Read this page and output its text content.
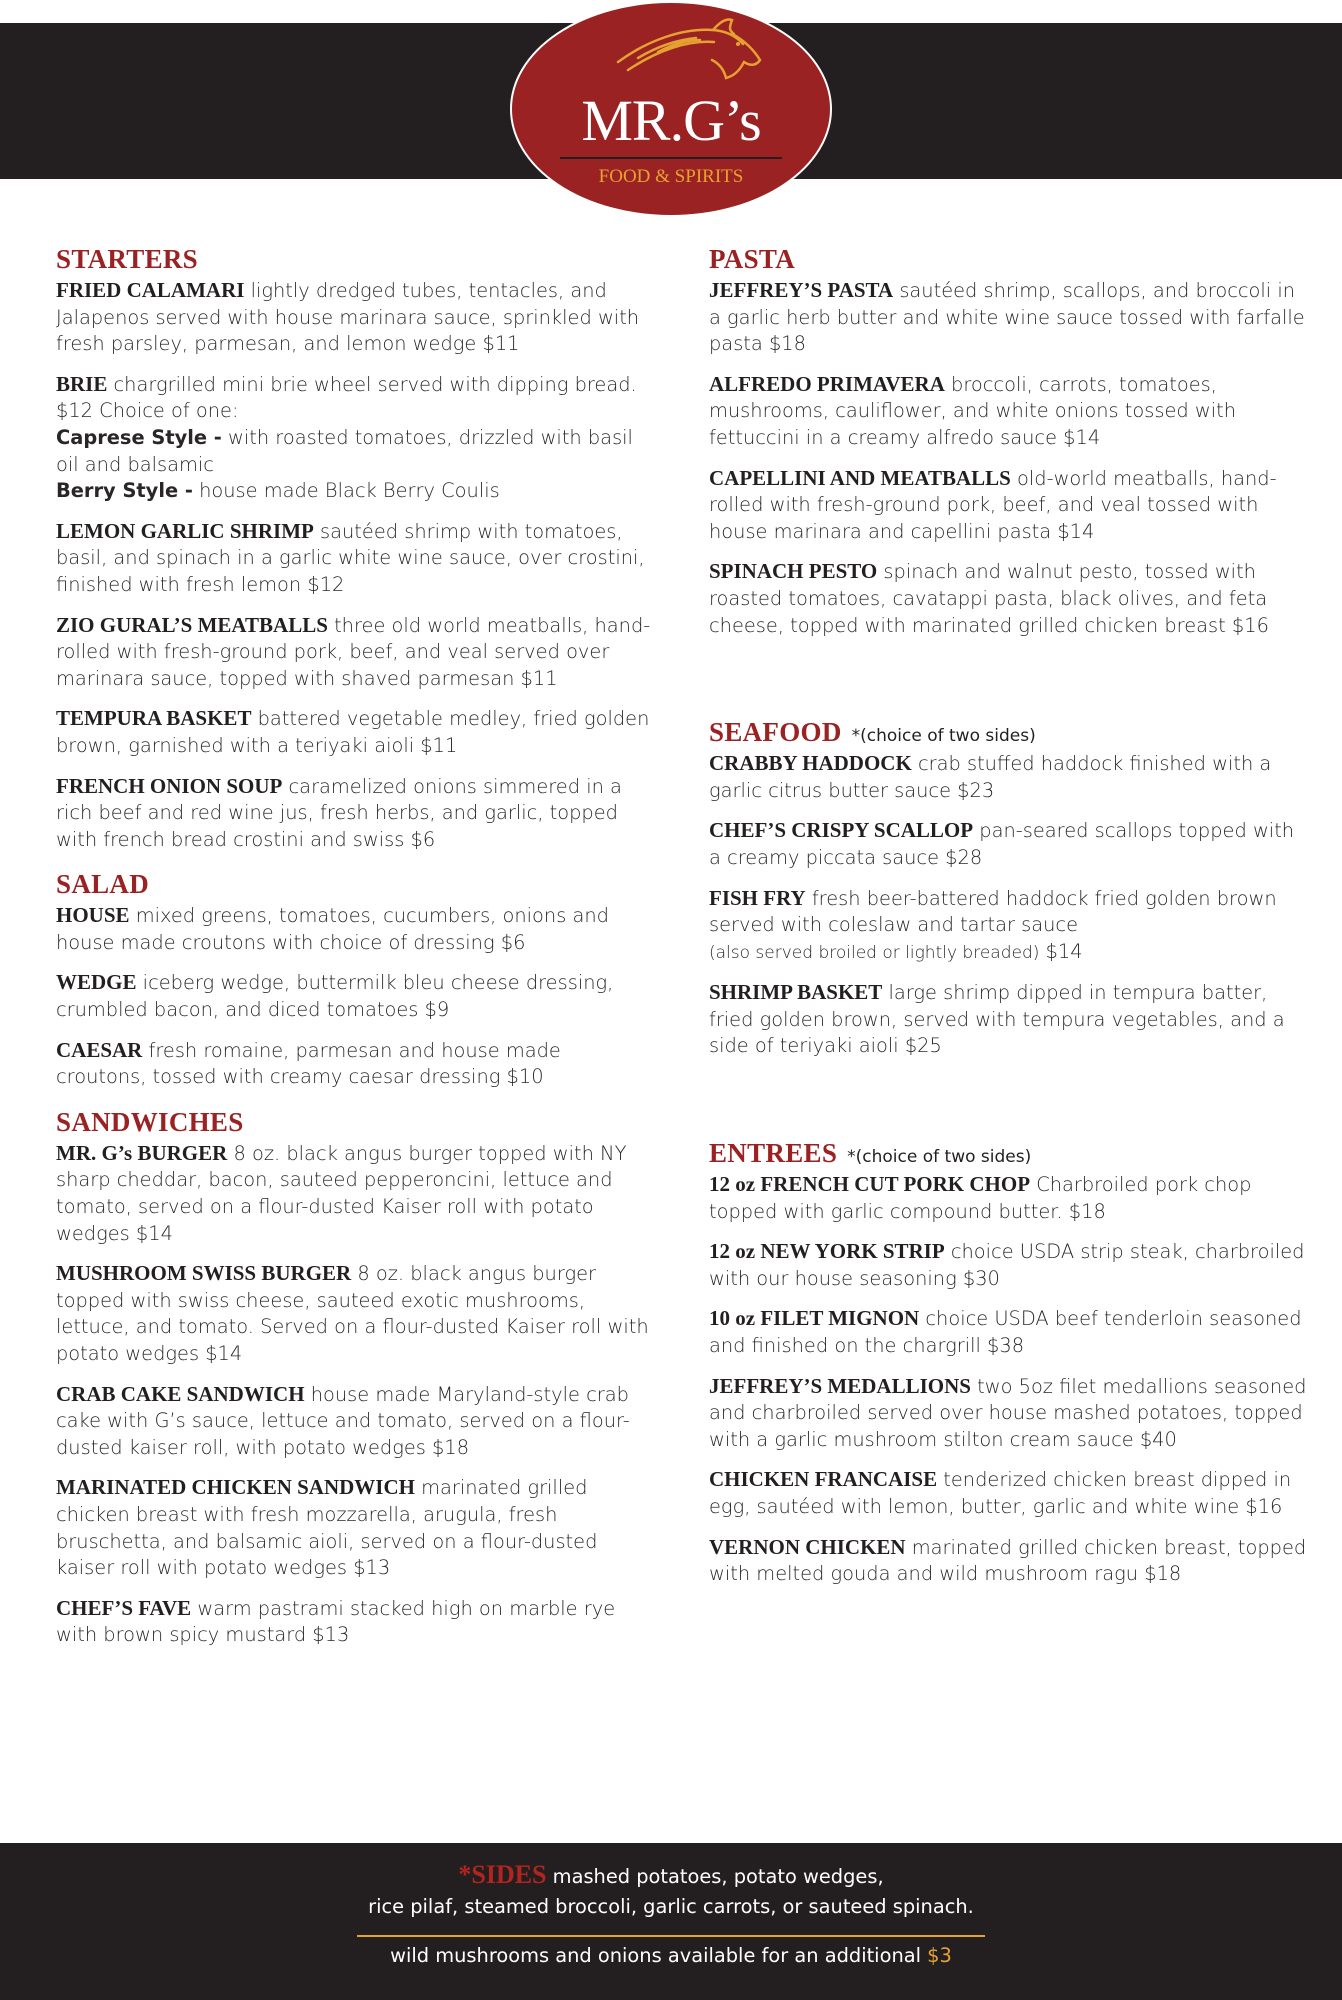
MR.G’s
FOOD & SPIRITS
STARTERS
FRIED CALAMARI lightly dredged tubes, tentacles, and Jalapenos served with house marinara sauce, sprinkled with fresh parsley, parmesan, and lemon wedge $11
BRIE chargrilled mini brie wheel served with dipping bread. $12 Choice of one:
Caprese Style - with roasted tomatoes, drizzled with basil oil and balsamic
Berry Style - house made Black Berry Coulis
LEMON GARLIC SHRIMP sautéed shrimp with tomatoes, basil, and spinach in a garlic white wine sauce, over crostini, finished with fresh lemon $12
ZIO GURAL’S MEATBALLS three old world meatballs, hand-rolled with fresh-ground pork, beef, and veal served over marinara sauce, topped with shaved parmesan $11
TEMPURA BASKET battered vegetable medley, fried golden brown, garnished with a teriyaki aioli $11
FRENCH ONION SOUP caramelized onions simmered in a rich beef and red wine jus, fresh herbs, and garlic, topped with french bread crostini and swiss $6
SALAD
HOUSE mixed greens, tomatoes, cucumbers, onions and house made croutons with choice of dressing $6
WEDGE iceberg wedge, buttermilk bleu cheese dressing, crumbled bacon, and diced tomatoes $9
CAESAR fresh romaine, parmesan and house made croutons, tossed with creamy caesar dressing $10
SANDWICHES
MR. G’s BURGER 8 oz. black angus burger topped with NY sharp cheddar, bacon, sauteed pepperoncini, lettuce and tomato, served on a flour-dusted Kaiser roll with potato wedges $14
MUSHROOM SWISS BURGER 8 oz. black angus burger topped with swiss cheese, sauteed exotic mushrooms, lettuce, and tomato. Served on a flour-dusted Kaiser roll with potato wedges $14
CRAB CAKE SANDWICH house made Maryland-style crab cake with G’s sauce, lettuce and tomato, served on a flour-dusted kaiser roll, with potato wedges $18
MARINATED CHICKEN SANDWICH marinated grilled chicken breast with fresh mozzarella, arugula, fresh bruschetta, and balsamic aioli, served on a flour-dusted kaiser roll with potato wedges $13
CHEF’S FAVE warm pastrami stacked high on marble rye with brown spicy mustard $13
PASTA
JEFFREY’S PASTA sautéed shrimp, scallops, and broccoli in a garlic herb butter and white wine sauce tossed with farfalle pasta $18
ALFREDO PRIMAVERA broccoli, carrots, tomatoes, mushrooms, cauliflower, and white onions tossed with fettuccini in a creamy alfredo sauce $14
CAPELLINI AND MEATBALLS old-world meatballs, hand-rolled with fresh-ground pork, beef, and veal tossed with house marinara and capellini pasta $14
SPINACH PESTO spinach and walnut pesto, tossed with roasted tomatoes, cavatappi pasta, black olives, and feta cheese, topped with marinated grilled chicken breast $16
SEAFOOD *(choice of two sides)
CRABBY HADDOCK crab stuffed haddock finished with a garlic citrus butter sauce $23
CHEF’S CRISPY SCALLOP pan-seared scallops topped with a creamy piccata sauce $28
FISH FRY fresh beer-battered haddock fried golden brown served with coleslaw and tartar sauce
(also served broiled or lightly breaded) $14
SHRIMP BASKET large shrimp dipped in tempura batter, fried golden brown, served with tempura vegetables, and a side of teriyaki aioli $25
ENTREES *(choice of two sides)
12 oz FRENCH CUT PORK CHOP Charbroiled pork chop topped with garlic compound butter. $18
12 oz NEW YORK STRIP choice USDA strip steak, charbroiled with our house seasoning $30
10 oz FILET MIGNON choice USDA beef tenderloin seasoned and finished on the chargrill $38
JEFFREY’S MEDALLIONS two 5oz filet medallions seasoned and charbroiled served over house mashed potatoes, topped with a garlic mushroom stilton cream sauce $40
CHICKEN FRANCAISE tenderized chicken breast dipped in egg, sautéed with lemon, butter, garlic and white wine $16
VERNON CHICKEN marinated grilled chicken breast, topped with melted gouda and wild mushroom ragu $18
*SIDES mashed potatoes, potato wedges,
rice pilaf, steamed broccoli, garlic carrots, or sauteed spinach.
wild mushrooms and onions available for an additional $3
